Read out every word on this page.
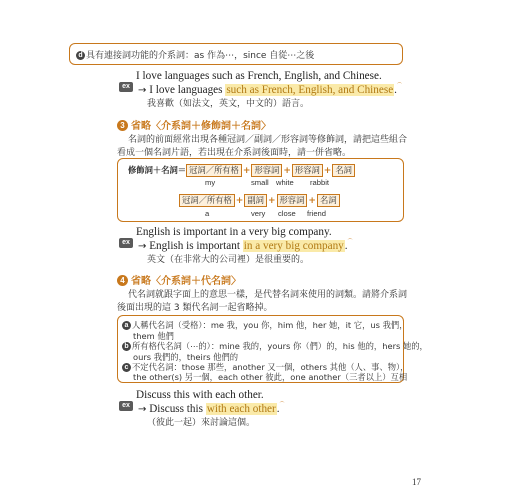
d 具有連接詞功能的介系詞：as 作為⋯，since 自從⋯之後
ex
I love languages such as French, English, and Chinese.
→ I love languages such as French, English, and Chinese.⌒
我喜歡（如法文，英文，中文的）語言。
3 省略〈介系詞＋修飾詞＋名詞〉
名詞的前面經常出現各種冠詞／副詞／形容詞等修飾詞，請把這些組合
看成一個名詞片語，若出現在介系詞後面時，請一併省略。
修飾詞＋名詞＝ 冠詞／所有格 + 形容詞 + 形容詞 + 名詞
my	small white rabbit
冠詞／所有格 + 副詞 + 形容詞 + 名詞
a	very close friend
ex
English is important in a very big company.
→ English is important in a very big company.⌒
英文（在非常大的公司裡）是很重要的。
4 省略〈介系詞＋代名詞〉
代名詞就跟字面上的意思一樣，是代替名詞來使用的詞類。請將介系詞
後面出現的這 3 類代名詞一起省略掉。
a 人稱代名詞（受格）：me 我，you 你，him 他，her 她，it 它，us 我們，
them 他們
b 所有格代名詞（⋯的）：mine 我的，yours 你（們）的，his 他的，hers 她的，
ours 我們的，theirs 他們的
c 不定代名詞：those 那些，another 又一個，others 其他（人、事、物），
the other(s) 另一個，each other 彼此，one another（三者以上）互相
ex
Discuss this with each other.
→ Discuss this with each other.⌒
（彼此一起）來討論這個。
17
